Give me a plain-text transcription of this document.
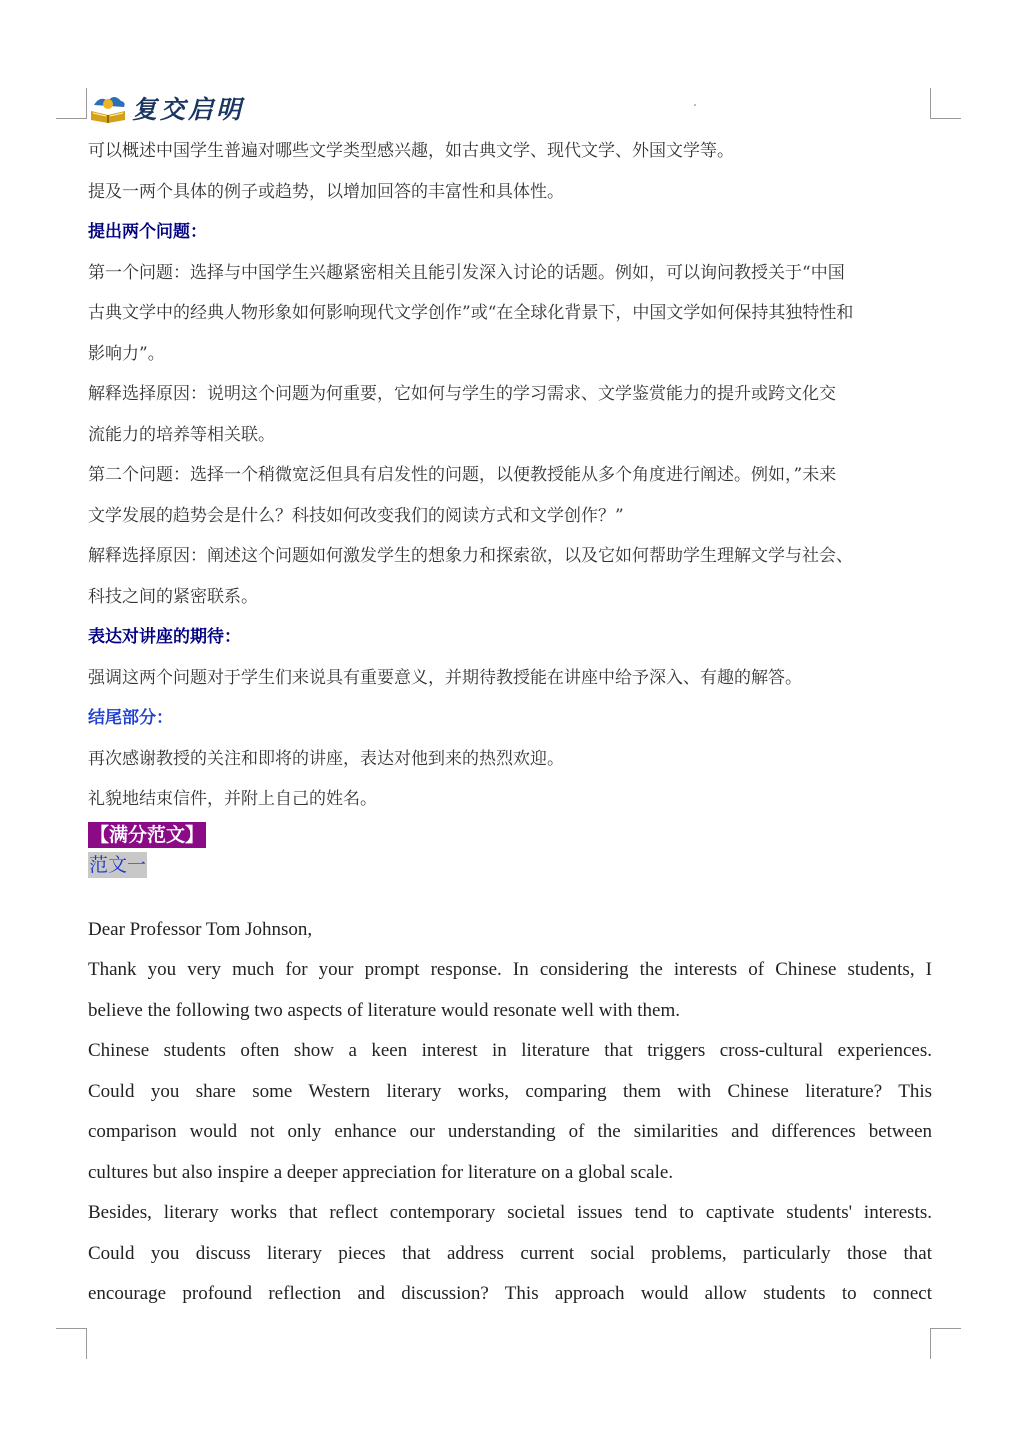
复交启明
可以概述中国学生普遍对哪些文学类型感兴趣，如古典文学、现代文学、外国文学等。
提及一两个具体的例子或趋势，以增加回答的丰富性和具体性。
提出两个问题：
第一个问题：选择与中国学生兴趣紧密相关且能引发深入讨论的话题。例如，可以询问教授关于“中国
古典文学中的经典人物形象如何影响现代文学创作”或“在全球化背景下，中国文学如何保持其独特性和
影响力”。
解释选择原因：说明这个问题为何重要，它如何与学生的学习需求、文学鉴赏能力的提升或跨文化交
流能力的培养等相关联。
第二个问题：选择一个稍微宽泛但具有启发性的问题，以便教授能从多个角度进行阐述。例如，”未来
文学发展的趋势会是什么？科技如何改变我们的阅读方式和文学创作？”
解释选择原因：阐述这个问题如何激发学生的想象力和探索欲，以及它如何帮助学生理解文学与社会、
科技之间的紧密联系。
表达对讲座的期待：
强调这两个问题对于学生们来说具有重要意义，并期待教授能在讲座中给予深入、有趣的解答。
结尾部分：
再次感谢教授的关注和即将的讲座，表达对他到来的热烈欢迎。
礼貌地结束信件，并附上自己的姓名。
【满分范文】
范文一
Dear Professor Tom Johnson,
Thank you very much for your prompt response. In considering the interests of Chinese students, I
believe the following two aspects of literature would resonate well with them.
Chinese students often show a keen interest in literature that triggers cross-cultural experiences.
Could you share some Western literary works, comparing them with Chinese literature? This
comparison would not only enhance our understanding of the similarities and differences between
cultures but also inspire a deeper appreciation for literature on a global scale.
Besides, literary works that reflect contemporary societal issues tend to captivate students' interests.
Could you discuss literary pieces that address current social problems, particularly those that
encourage profound reflection and discussion? This approach would allow students to connect
